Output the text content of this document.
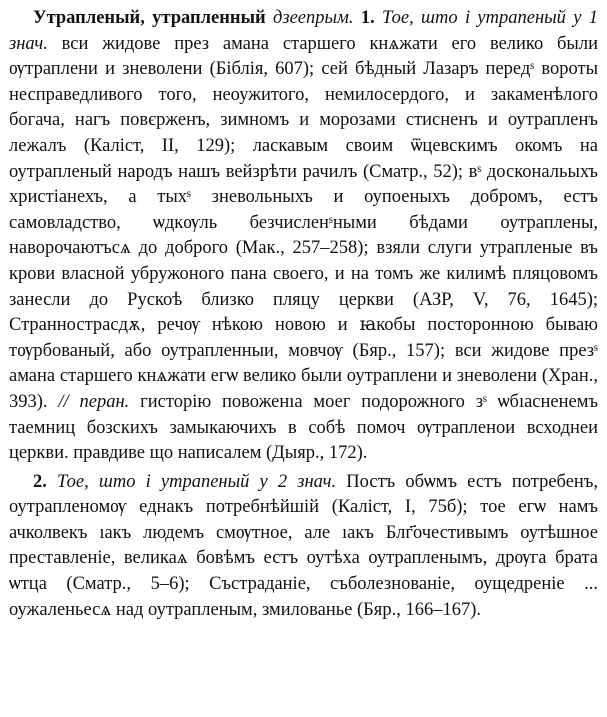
Утрапленый, утрапленный дзеепрым. 1. Тое, што і утрапеный у 1 знач. вси жидове през амана старшего кнѧжати его велико были ѹтраплени и зневолени (Біблія, 607); сей бѣдный Лазаръ передˢ вороты несправедливого того, неоужитого, немилосердого, и закаменѣлого богача, нагъ повєрженъ, зимномъ и морозами стисненъ и оутрапленъ лежалъ (Каліст, II, 129); ласкавым своим ѿцевскимъ окомъ на оутрапленый народъ нашъ вейзрѣти рачилъ (Сматр., 52); вˢ доскональыхъ христіанехъ, а тыхˢ зневольныхъ и оупоеныхъ добромъ, естъ самовладство, ѡдкѹль безчисленˢными бѣдами оутраплены, наворочаютъсѧ до доброго (Мак., 257–258); взяли слуги утрапленые въ крови власной убружоного пана своего, и на томъ же килимѣ пляцовомъ занесли до Рускоѣ близко пляцу церкви (АЗР, V, 76, 1645); Страннострасдѫ, речѹ нѣкою новою и ꙗкобы посторонною бываю тѹрбованый, або оутрапленныи, мовчѹ (Бяр., 157); вси жидове презˢ амана старшего кнѧжати егѡ велико были оутраплени и зневолени (Хран., 393). // перан. гисторію повоженıа моег подорожного зˢ ѡбıасненемъ таемниц бозскихъ замыкаючихъ в собѣ помоч ѹтрапленои всходнеи церкви. правдиве що написалем (Дыяр., 172).

2. Тое, што і утрапеный у 2 знач. Постъ обѡмъ естъ потребенъ, оутрапленомѹ еднакъ потребнѣйшій (Каліст, I, 75б); тое егѡ намъ ачколвекъ ıакъ людемъ смѹтное, але ıакъ Блг҃очестивымъ оутѣшное преставленіе, великаѧ бовѣмъ естъ оутѣха оутрапленымъ, дрѹга брата ѡтца (Сматр., 5–6); Състраданіе, съболезнованіе, оущедреніе ... оужаленьесѧ над оутрапленым, змилованье (Бяр., 166–167).
